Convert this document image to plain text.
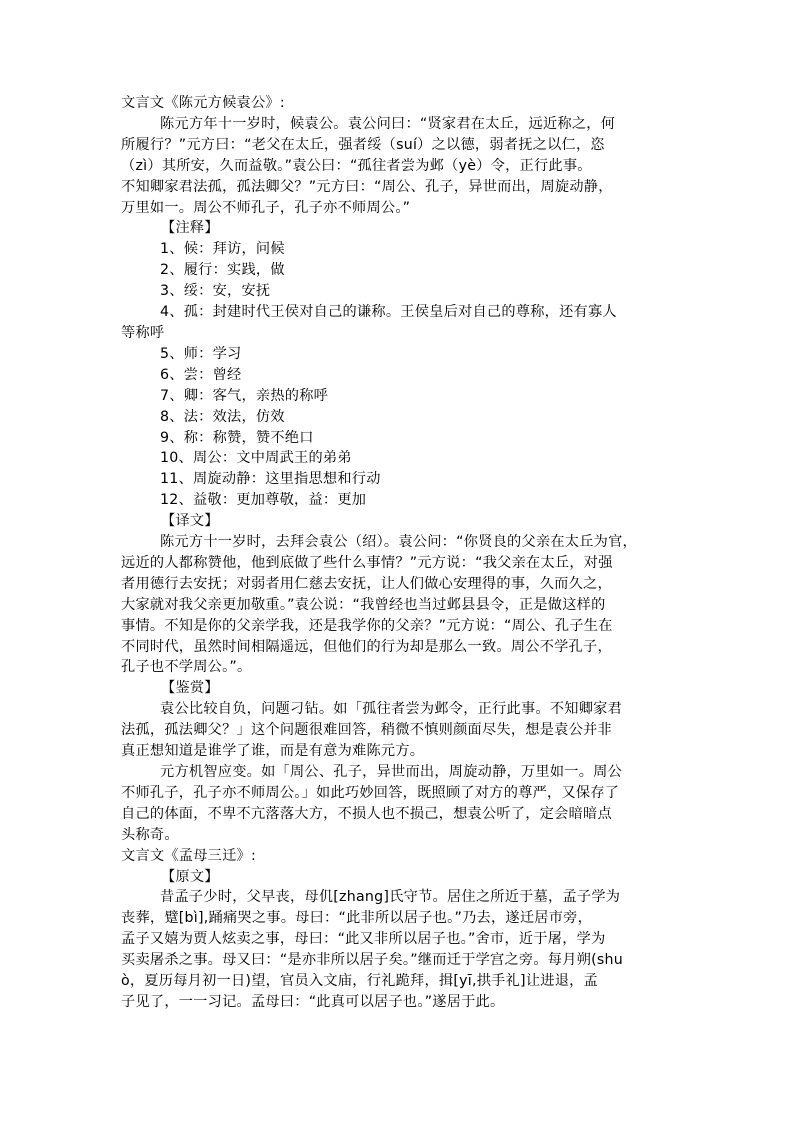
文言文《陈元方候袁公》:
陈元方年十一岁时，候袁公。袁公问曰：“贤家君在太丘，远近称之，何
所履行？”元方曰：“老父在太丘，强者绥（suí）之以德，弱者抚之以仁，恣
（zì）其所安，久而益敬。”袁公曰：“孤往者尝为邺（yè）令，正行此事。
不知卿家君法孤，孤法卿父？”元方曰：“周公、孔子，异世而出，周旋动静，
万里如一。周公不师孔子，孔子亦不师周公。”
【注释】
1、候：拜访，问候
2、履行：实践，做
3、绥：安，安抚
4、孤：封建时代王侯对自己的谦称。王侯皇后对自己的尊称，还有寡人
等称呼
5、师：学习
6、尝：曾经
7、卿：客气，亲热的称呼
8、法：效法，仿效
9、称：称赞，赞不绝口
10、周公：文中周武王的弟弟
11、周旋动静：这里指思想和行动
12、益敬：更加尊敬，益：更加
【译文】
陈元方十一岁时，去拜会袁公（绍）。袁公问：“你贤良的父亲在太丘为官，
远近的人都称赞他，他到底做了些什么事情？”元方说：“我父亲在太丘，对强
者用德行去安抚；对弱者用仁慈去安抚，让人们做心安理得的事，久而久之，
大家就对我父亲更加敬重。”袁公说：“我曾经也当过邺县县令，正是做这样的
事情。不知是你的父亲学我，还是我学你的父亲？”元方说：“周公、孔子生在
不同时代，虽然时间相隔遥远，但他们的行为却是那么一致。周公不学孔子，
孔子也不学周公。”。
【鉴赏】
袁公比较自负，问题刁钻。如「孤往者尝为邺令，正行此事。不知卿家君
法孤，孤法卿父？」这个问题很难回答，稍微不慎则颜面尽失，想是袁公并非
真正想知道是谁学了谁，而是有意为难陈元方。
元方机智应变。如「周公、孔子，异世而出，周旋动静，万里如一。周公
不师孔子，孔子亦不师周公。」如此巧妙回答，既照顾了对方的尊严，又保存了
自己的体面，不卑不亢落落大方，不损人也不损己，想袁公听了，定会暗暗点
头称奇。
文言文《孟母三迁》:
【原文】
昔孟子少时，父早丧，母仉[zhang]氏守节。居住之所近于墓，孟子学为
丧葬，躄[bì],踊痛哭之事。母曰：“此非所以居子也。”乃去，遂迁居市旁，
孟子又嬉为贾人炫卖之事，母曰：“此又非所以居子也。”舍市，近于屠，学为
买卖屠杀之事。母又曰：“是亦非所以居子矣。”继而迁于学宫之旁。每月朔(shu
ò，夏历每月初一日)望，官员入文庙，行礼跪拜，揖[yī,拱手礼]让进退，孟
子见了，一一习记。孟母曰：“此真可以居子也。”遂居于此。
